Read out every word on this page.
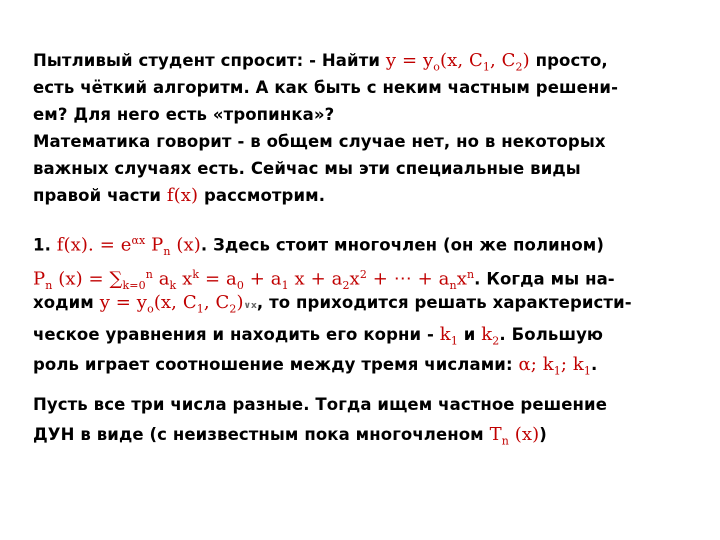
Пытливый студент спросит: - Найти $y = y_o(x$, $C_1$, $C_2$) просто,
есть чёткий алгоритм. А как быть с неким частным решени-
ем? Для него есть «тропинка»?
Математика говорит - в общем случае нет, но в некоторых
важных случаях есть. Сейчас мы эти специальные виды
правой части f(x) рассмотрим.
1. f(x). = $e^{\alpha x}$ $P_n$ (x). Здесь стоит многочлен (он же полином)
$P_n$ $(x) = \sum_{k=0}^n$ $a_k$ $x^k = a_0 + a_1$ $x + a_2x^2$ + ⋯ + $a_nx^n$. Когда мы на-
ходим $y = y_o(x$, $C_1$, $C_2)\vee x$, то приходится решать характеристи-
ческое уравнения и находить его корни - $k_1$ и $k_2$. Большую
роль играет соотношение между тремя числами: α; $k_1$; $k_1$.
Пусть все три числа разные. Тогда ищем частное решение
ДУН в виде (с неизвестным пока многочленом $T_n$ (x))
